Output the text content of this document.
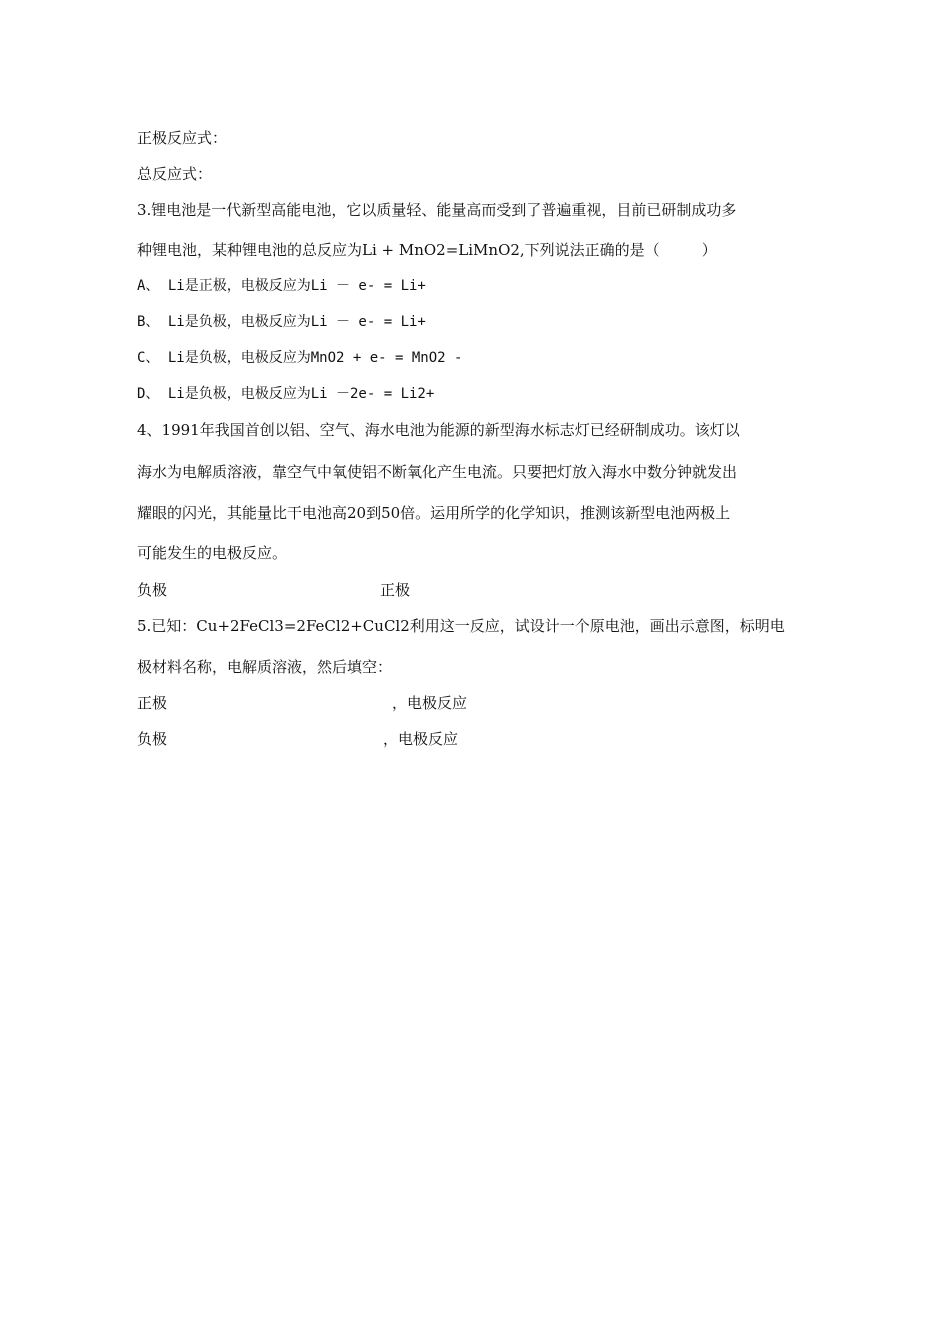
正极反应式：
总反应式：
3.锂电池是一代新型高能电池，它以质量轻、能量高而受到了普遍重视，目前已研制成功多
种锂电池，某种锂电池的总反应为Li + MnO2=LiMnO2,下列说法正确的是（	）
A、 Li是正极，电极反应为Li － e- = Li+
B、 Li是负极，电极反应为Li － e- = Li+
C、 Li是负极，电极反应为MnO2 + e- = MnO2 -
D、 Li是负极，电极反应为Li －2e- = Li2+
4、1991年我国首创以铝、空气、海水电池为能源的新型海水标志灯已经研制成功。该灯以
海水为电解质溶液，靠空气中氧使铝不断氧化产生电流。只要把灯放入海水中数分钟就发出
耀眼的闪光，其能量比干电池高20到50倍。运用所学的化学知识，推测该新型电池两极上
可能发生的电极反应。
负极	正极
5.已知：Cu+2FeCl3=2FeCl2+CuCl2利用这一反应，试设计一个原电池，画出示意图，标明电
极材料名称，电解质溶液，然后填空：
正极	，电极反应
负极	，电极反应
